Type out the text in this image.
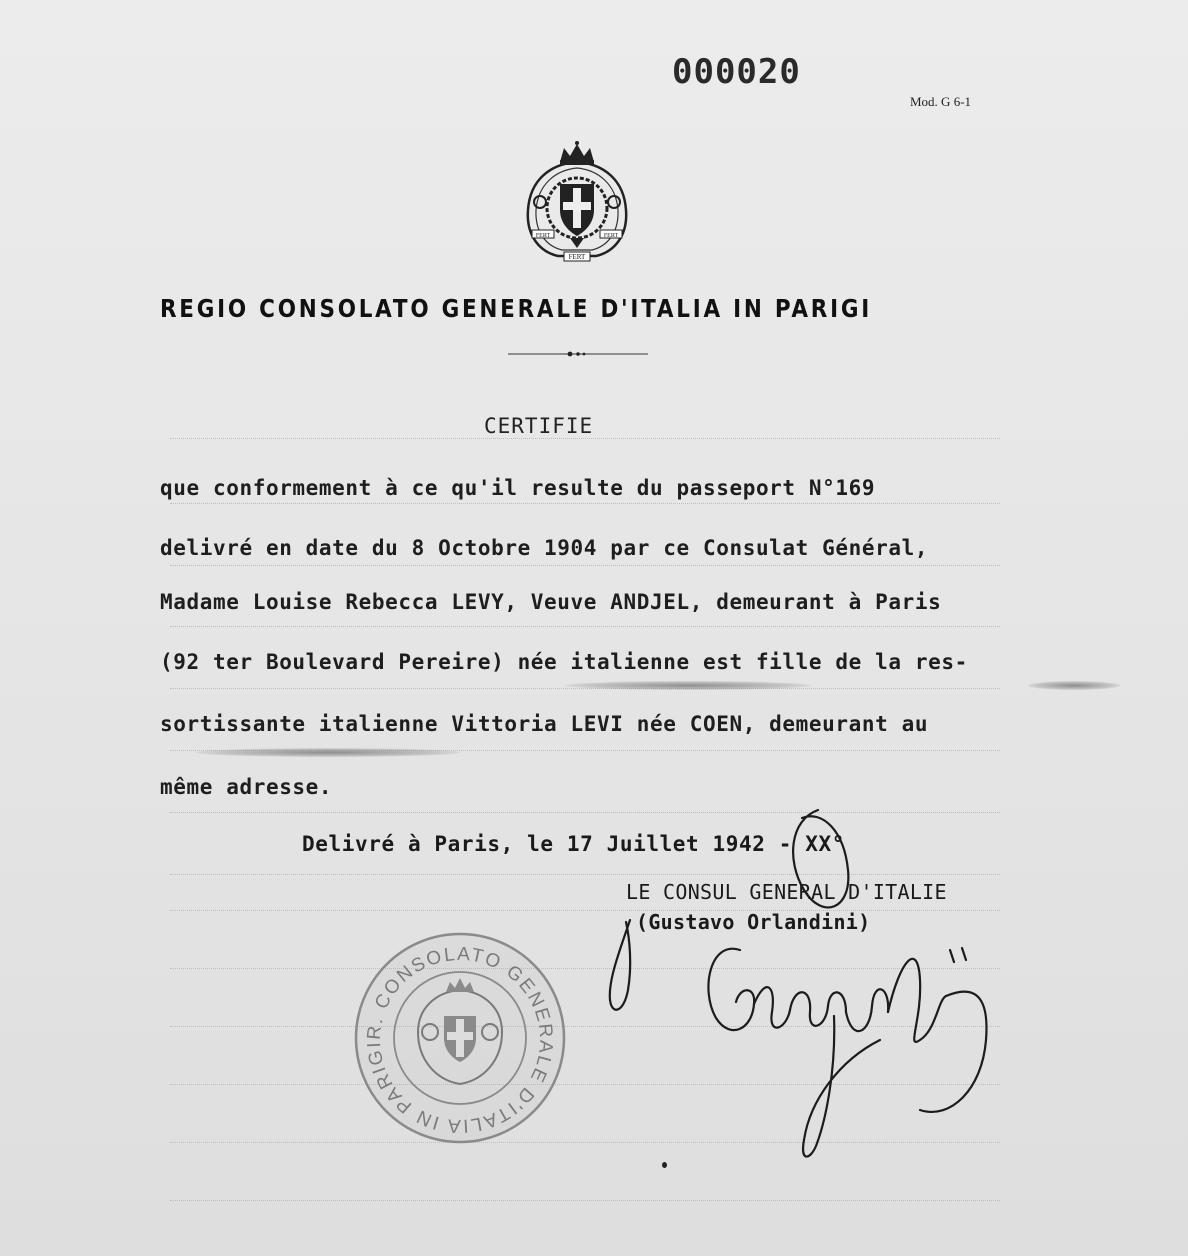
000020
Mod. G 6-1
FERT	FERT
FERT
REGIO CONSOLATO GENERALE D'ITALIA IN PARIGI
CERTIFIE
que conformement à ce qu'il resulte du passeport N°169
delivré en date du 8 Octobre 1904 par ce Consulat Général,
Madame Louise Rebecca LEVY, Veuve ANDJEL, demeurant à Paris
(92 ter Boulevard Pereire) née italienne est fille de la res-
sortissante italienne Vittoria LEVI née COEN, demeurant au
même adresse.
Delivré à Paris, le 17 Juillet 1942 - XX°
LE CONSUL GENERAL D'ITALIE
(Gustavo Orlandini)
R. CONSOLATO GENERALE D'ITALIA IN PARIGI
